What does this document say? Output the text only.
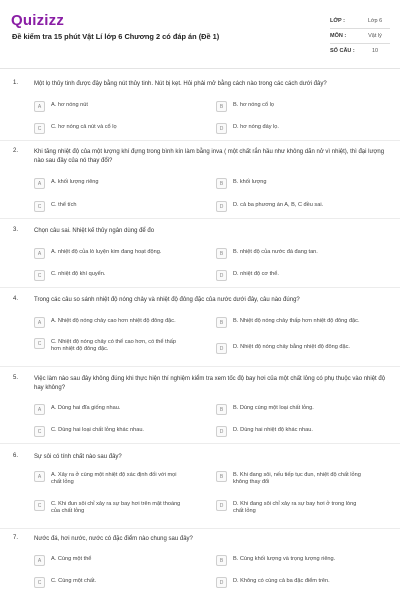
Quizizz
Đề kiểm tra 15 phút Vật Lí lớp 6 Chương 2 có đáp án (Đề 1)
LỚP :	Lớp 6
MÔN :	Vật lý
SỐ CÂU :	10
1.	Một lọ thủy tinh được đậy bằng nút thủy tinh. Nút bị kẹt. Hỏi phải mở bằng cách nào trong các cách dưới đây?
A	A. hơ nóng nút	B	B. hơ nóng cổ lọ
C	C. hơ nóng cả nút và cổ lọ	D	D. hơ nóng đáy lọ.
2.	Khi tăng nhiệt độ của một lượng khí đựng trong bình kín làm bằng inva ( một chất rắn hầu như không dãn nở vì nhiệt), thì đại lượng nào sau đây của nó thay đổi?
A	A. khối lượng riêng	B	B. khối lượng
C	C. thể tích	D	D. cả ba phương án A, B, C đều sai.
3.	Chọn câu sai. Nhiệt kế thủy ngân dùng để đo
A	A. nhiệt độ của lò luyện kim đang hoạt động.	B	B. nhiệt độ của nước đá đang tan.
C	C. nhiệt độ khí quyển.	D	D. nhiệt độ cơ thể.
4.	Trong các câu so sánh nhiệt độ nóng chảy và nhiệt độ đông đặc của nước dưới đây, câu nào đúng?
A	A. Nhiệt độ nóng chảy cao hơn nhiệt độ đông đặc.	B	B. Nhiệt độ nóng chảy thấp hơn nhiệt độ đông đặc.
C	C. Nhiệt độ nóng chảy có thể cao hơn, có thể thấp hơn nhiệt độ đông đặc.	D	D. Nhiệt độ nóng chảy bằng nhiệt độ đông đặc.
5.	Việc làm nào sau đây không đúng khi thực hiện thí nghiệm kiểm tra xem tốc độ bay hơi của một chất lỏng có phụ thuộc vào nhiệt độ hay không?
A	A. Dùng hai đĩa giống nhau.	B	B. Dùng cùng một loại chất lỏng.
C	C. Dùng hai loại chất lỏng khác nhau.	D	D. Dùng hai nhiệt độ khác nhau.
6.	Sự sôi có tính chất nào sau đây?
A	A. Xảy ra ở cùng một nhiệt độ xác định đối với mọi chất lỏng
B	B. Khi đang sôi, nếu tiếp tục đun, nhiệt độ chất lỏng không thay đổi
C	C. Khi đun sôi chỉ xảy ra sự bay hơi trên mặt thoáng của chất lỏng
D	D. Khi đang sôi chỉ xảy ra sự bay hơi ở trong lòng chất lỏng
7.	Nước đá, hơi nước, nước có đặc điểm nào chung sau đây?
A	A. Cùng một thể	B	B. Cùng khối lượng và trọng lượng riêng.
C	C. Cùng một chất.	D	D. Không có cùng cả ba đặc điểm trên.
